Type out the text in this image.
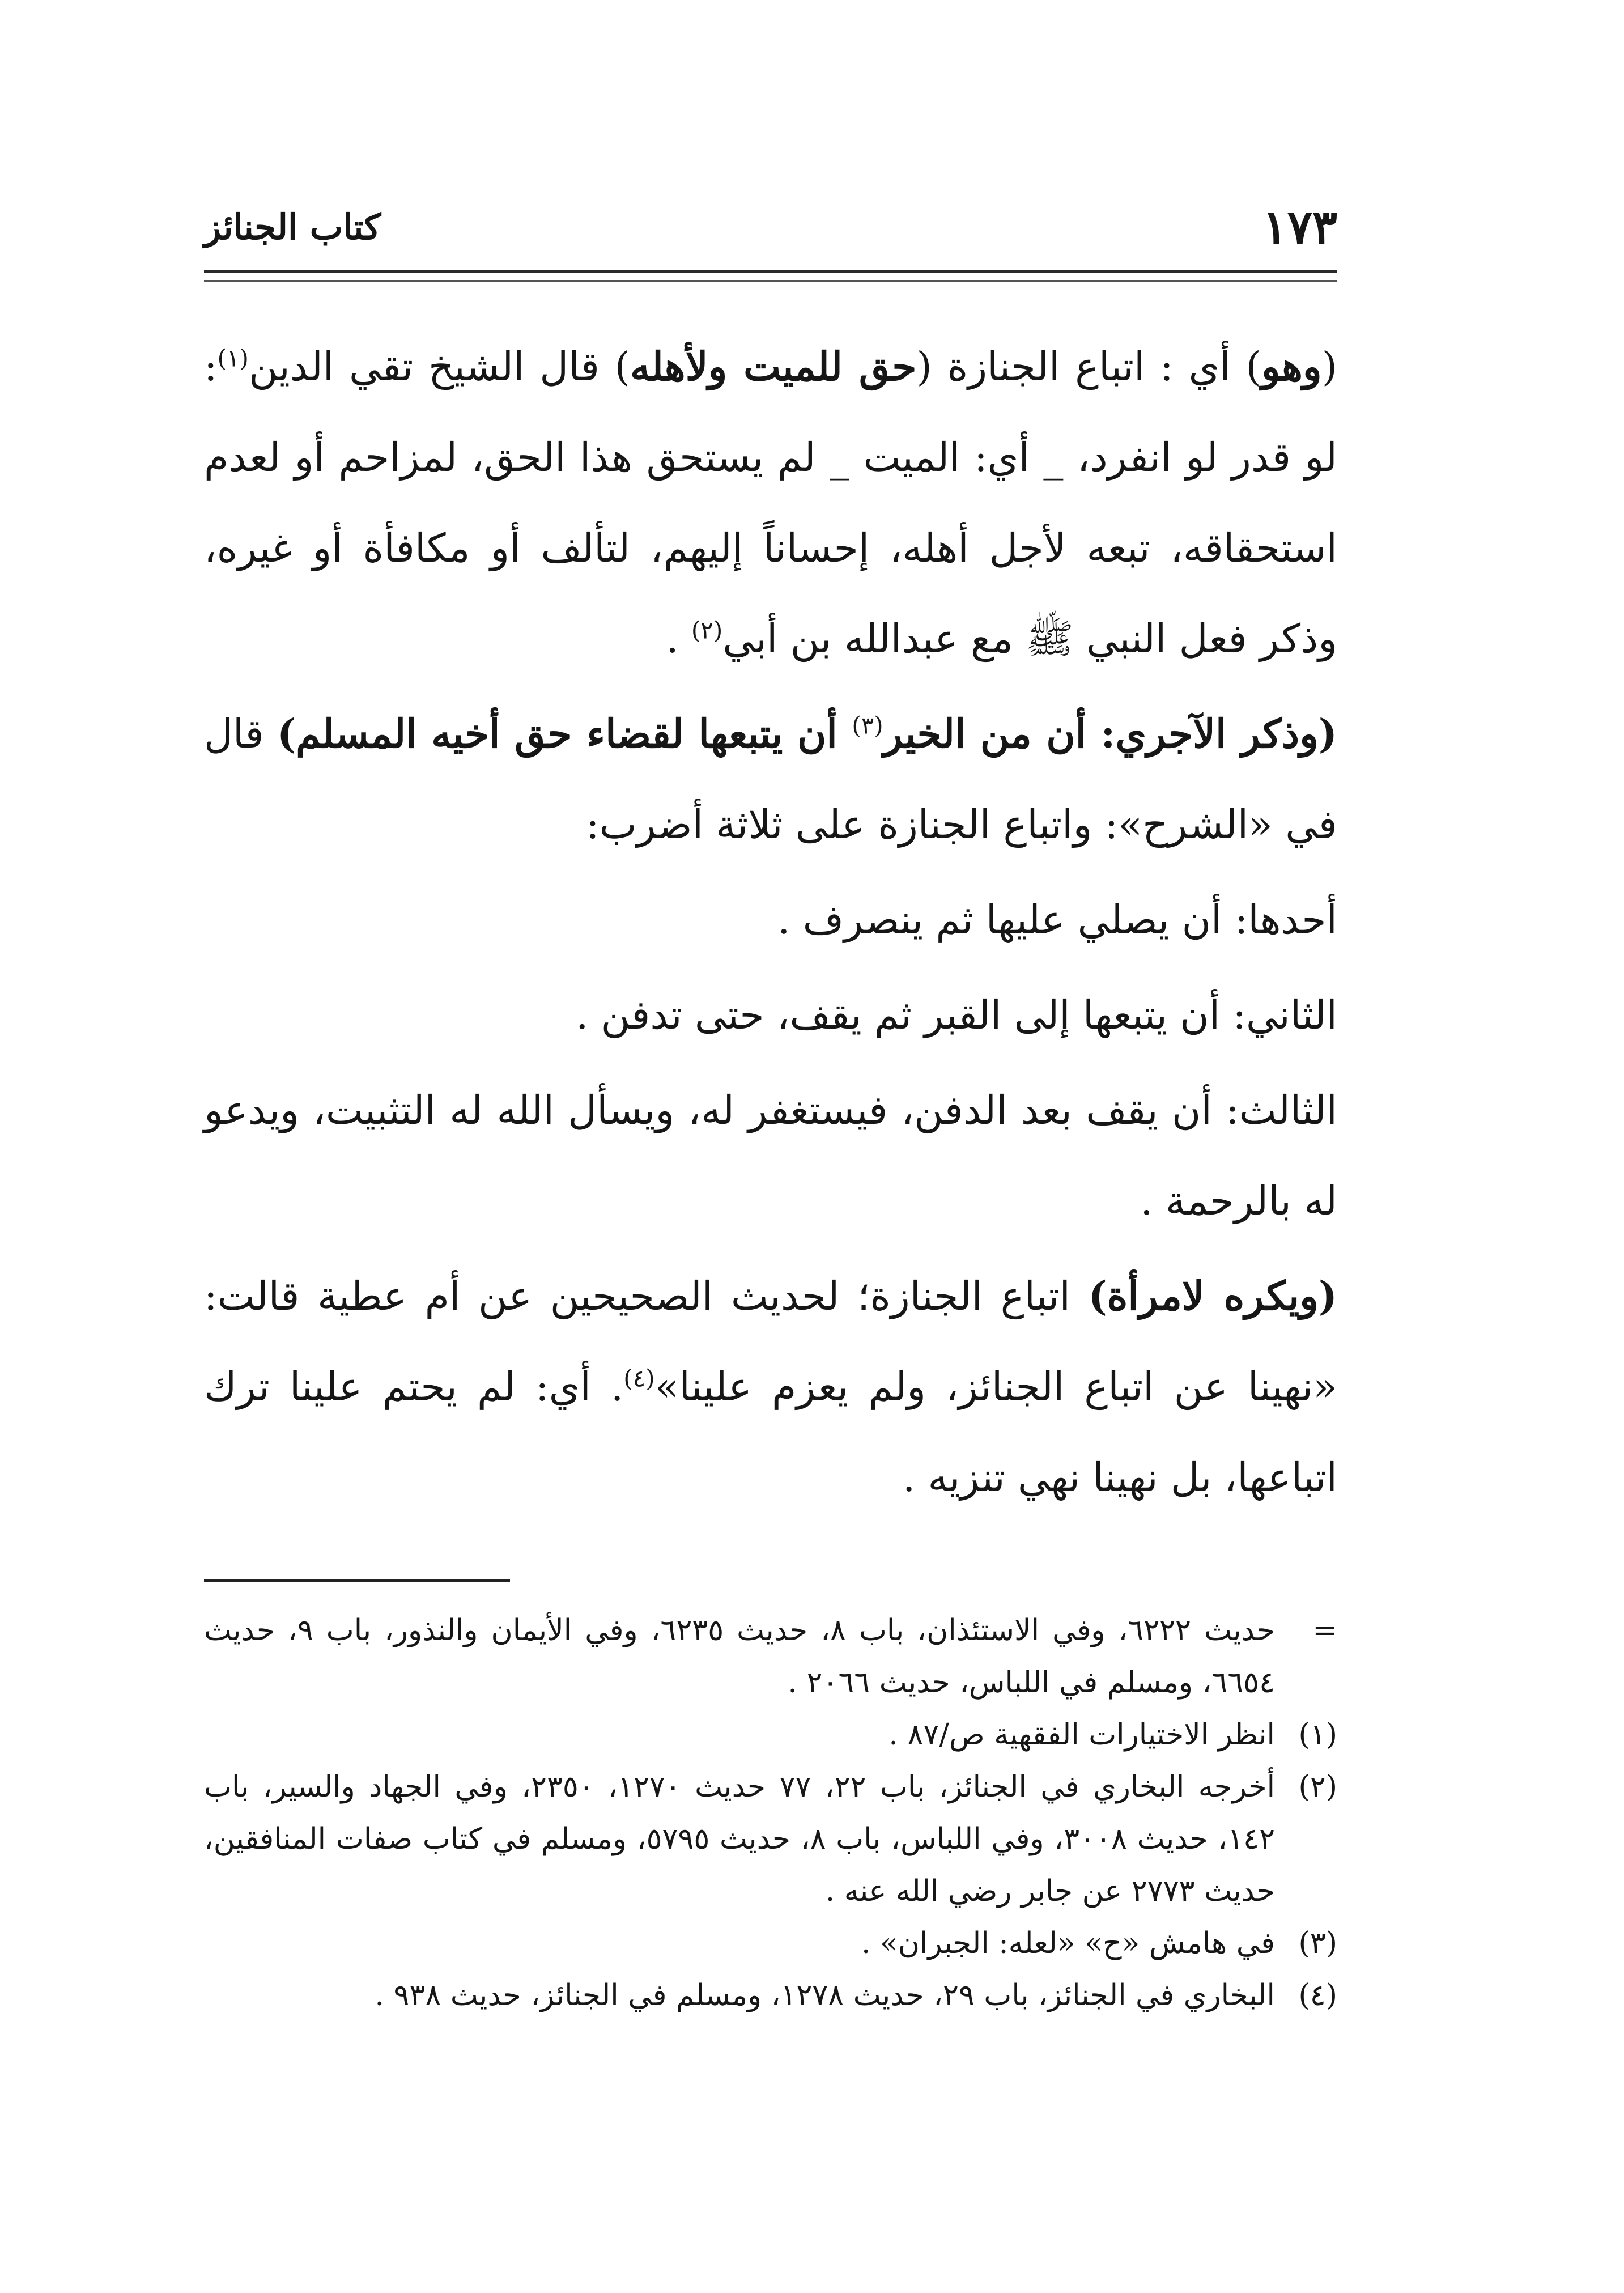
١٧٣
كتاب الجنائز

(وهو) أي : اتباع الجنازة (حق للميت ولأهله) قال الشيخ تقي الدين$^{(١)}$: لو قدر لو انفرد، _ أي: الميت _ لم يستحق هذا الحق، لمزاحم أو لعدم استحقاقه، تبعه لأجل أهله، إحساناً إليهم، لتألف أو مكافأة أو غيره، وذكر فعل النبي ﷺ مع عبدالله بن أبي$^{(٢)}$ .

(وذكر الآجري: أن من الخير$^{(٣)}$ أن يتبعها لقضاء حق أخيه المسلم) قال في «الشرح»: واتباع الجنازة على ثلاثة أضرب:

أحدها: أن يصلي عليها ثم ينصرف .

الثاني: أن يتبعها إلى القبر ثم يقف، حتى تدفن .

الثالث: أن يقف بعد الدفن، فيستغفر له، ويسأل الله له التثبيت، ويدعو له بالرحمة .

(ويكره لامرأة) اتباع الجنازة؛ لحديث الصحيحين عن أم عطية قالت: «نهينا عن اتباع الجنائز، ولم يعزم علينا»$^{(٤)}$. أي: لم يحتم علينا ترك اتباعها، بل نهينا نهي تنزيه .

=
حديث ٦٢٢٢، وفي الاستئذان، باب ٨، حديث ٦٢٣٥، وفي الأيمان والنذور، باب ٩، حديث ٦٦٥٤، ومسلم في اللباس، حديث ٢٠٦٦ .
(١)
انظر الاختيارات الفقهية ص/٨٧ .
(٢)
أخرجه البخاري في الجنائز، باب ٢٢، ٧٧ حديث ١٢٧٠، ٢٣٥٠، وفي الجهاد والسير، باب ١٤٢، حديث ٣٠٠٨، وفي اللباس، باب ٨، حديث ٥٧٩٥، ومسلم في كتاب صفات المنافقين، حديث ٢٧٧٣ عن جابر رضي الله عنه .
(٣)
في هامش «ح» «لعله: الجبران» .
(٤)
البخاري في الجنائز، باب ٢٩، حديث ١٢٧٨، ومسلم في الجنائز، حديث ٩٣٨ .
